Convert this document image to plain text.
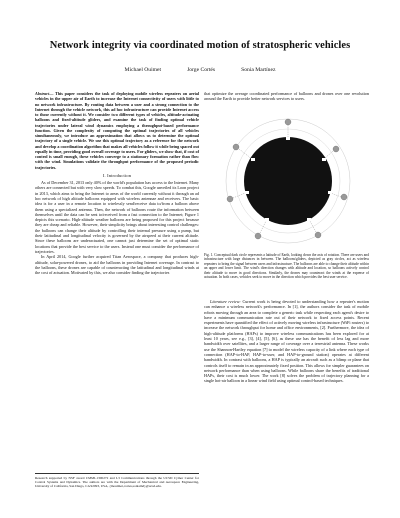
Network integrity via coordinated motion of stratospheric vehicles
Michael Ouimet	Jorge Cortés	Sonia Martínez
Abstract— This paper considers the task of deploying mobile wireless repeaters on aerial vehicles in the upper air of Earth to increase the Internet connectivity of users with little to no network infrastructure. By routing data between a user and a strong connection to the Internet through the vehicle network, this ad hoc infrastructure can provide Internet access to those currently without it. We consider two different types of vehicles, altitude-actuating balloons and fixed-altitude gliders, and examine the task of finding optimal vehicle trajectories under lateral wind dynamics employing a throughput-based performance function. Given the complexity of computing the optimal trajectories of all vehicles simultaneously, we introduce an approximation that allows us to determine the optimal trajectory of a single vehicle. We use this optimal trajectory as a reference for the network and develop a coordination algorithm that makes all vehicles follow it while being spaced out equally in time, providing good overall coverage to users. For gliders, we show that, if cost of control is small enough, these vehicles converge to a stationary formation rather than flow with the wind. Simulations validate the throughput performance of the proposed periodic trajectories.
I. Introduction

As of December 31, 2013 only 40% of the world's population has access to the Internet. Many others are connected but with very slow speeds. To combat this, Google unveiled its Loon project in 2013, which aims to bring the Internet to areas of the world currently without it through an ad hoc network of high altitude balloons equipped with wireless antennae and receivers. The basic idea is for a user in a remote location to wirelessly send/receive data to/from a balloon above them using a specialized antenna. Then, the network of balloons route the information between themselves until the data can be sent to/received from a fast connection to the Internet; Figure 1 depicts this scenario. High-altitude weather balloons are being proposed for this project because they are cheap and reliable. However, their simplicity brings about interesting control challenges: the balloons can change their altitude by controlling their internal pressure using a pump, but their latitudinal and longitudinal velocity is governed by the airspeed at their current altitude. Since these balloons are underactuated, one cannot just determine the set of optimal static locations that provide the best service to the users. Instead one must consider the performance of trajectories.

In April 2014, Google further acquired Titan Aerospace, a company that produces high-altitude, solar-powered drones, to aid the balloons in providing Internet coverage. In contrast to the balloons, these drones are capable of counteracting the latitudinal and longitudinal winds at the cost of actuation. Motivated by this, we also consider finding the trajectories

Research supported by NSF award CMMI-1300272 and L3 Communications through the UCSD Cymer Center for Control Systems and Dynamics. The authors are with the Department of Mechanical and Aerospace Engineering, University of California, San Diego, CA 92093, USA, {mouimet,cortes,soniamd}@ucsd.edu.

that optimize the average coordinated performance of balloons and drones over one revolution around the Earth to provide better network services to users.

Fig. 1. Conceptual dark circle represents a latitude of Earth, looking down the axis of rotation. There are users and infrastructure with large distances in between. The balloons/gliders, depicted as gray circles, act as wireless repeaters to bring the signal between users and infrastructure. The balloons are able to change their altitude within an upper and lower limit. The wind's direction changes with altitude and location, so balloons actively control their altitude to move in good directions. Similarly, the drones may counteract the winds at the expense of actuation. In both cases, vehicles seek to move in the direction which provides the best user service.

Literature review: Current work is being devoted to understanding how a repeater's motion can enhance a wireless network's performance. In [1], the authors consider the task of mobile robots moving through an area to complete a generic task while respecting each agent's desire to have a minimum communication rate out of their network to fixed access points. Recent experiments have quantified the effect of actively moving wireless infrastructure (WiFi routers) to increase the network throughput for home and office environments, [2]. Furthermore, the idea of high-altitude platforms (HAPs) to improve wireless communications has been explored for at least 10 years, see e.g., [3], [4], [5], [6], as these use has the benefit of less lag and more bandwidth over satellites, and a larger range of coverage over a terrestrial antenna. These works use the Shannon-Hartley equation [7] to model the wireless capacity of a link where each type of connection (HAP-to-HAP, HAP-to-user, and HAP-to-ground station) operates at different bandwidth. In contrast with balloons, a HAP is typically an aircraft such as a blimp or plane that controls itself to remain in an approximately fixed position. This allows for simpler guarantees on network performance than when using balloons. While balloons share the benefits of traditional HAPs, their cost is much lower. The work [8] solves the problem of trajectory planning for a single hot-air balloon in a linear wind field using optimal control-based techniques.
